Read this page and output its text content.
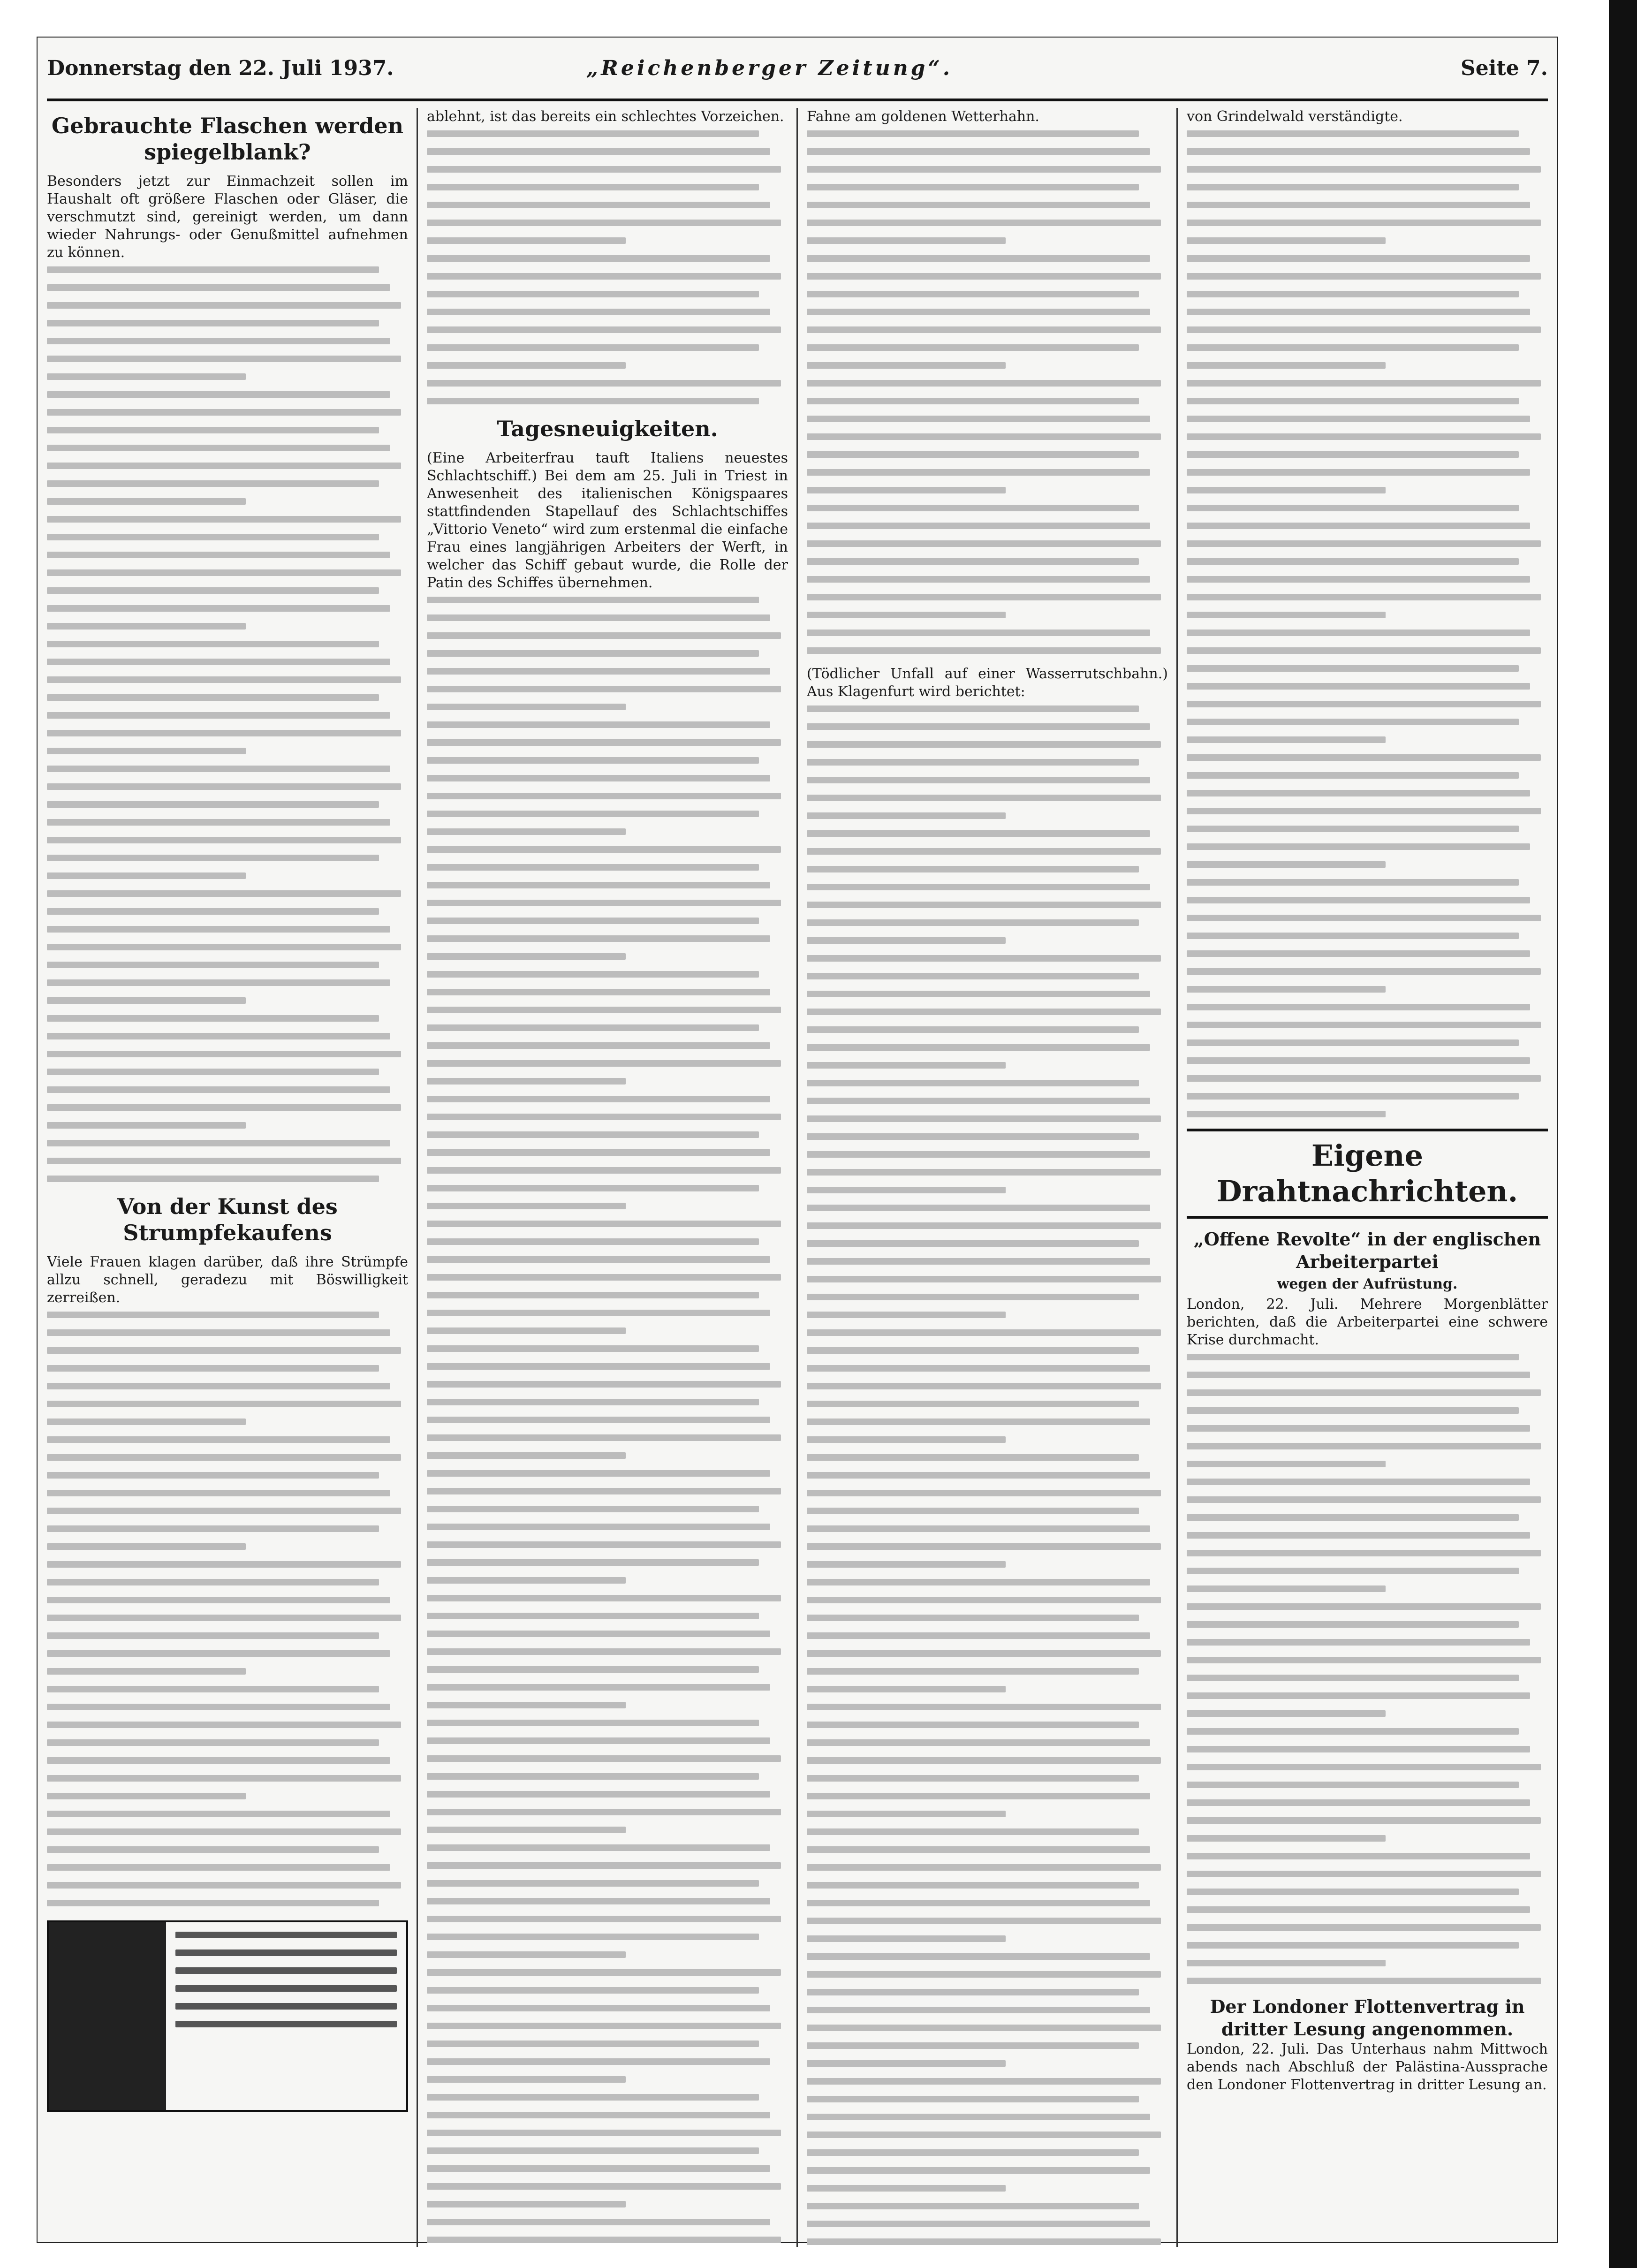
Donnerstag den 22. Juli 1937.	„Reichenberger Zeitung“.	Seite 7.
Gebrauchte Flaschen werden spiegelblank?

Besonders jetzt zur Einmachzeit sollen im Haushalt oft größere Flaschen oder Gläser, die verschmutzt sind, gereinigt werden, um dann wieder Nahrungs- oder Genußmittel aufnehmen zu können.

Von der Kunst des Strumpfekaufens

Viele Frauen klagen darüber, daß ihre Strümpfe allzu schnell, geradezu mit Böswilligkeit zerreißen.

ablehnt, ist das bereits ein schlechtes Vorzeichen.

Tagesneuigkeiten.

(Eine Arbeiterfrau tauft Italiens neuestes Schlachtschiff.) Bei dem am 25. Juli in Triest in Anwesenheit des italienischen Königspaares stattfindenden Stapellauf des Schlachtschiffes „Vittorio Veneto“ wird zum erstenmal die einfache Frau eines langjährigen Arbeiters der Werft, in welcher das Schiff gebaut wurde, die Rolle der Patin des Schiffes übernehmen.

Fahne am goldenen Wetterhahn.

(Tödlicher Unfall auf einer Wasserrutschbahn.) Aus Klagenfurt wird berichtet:

von Grindelwald verständigte.

Eigene Drahtnachrichten.
„Offene Revolte“ in der englischen Arbeiterpartei
wegen der Aufrüstung.

London, 22. Juli. Mehrere Morgenblätter berichten, daß die Arbeiterpartei eine schwere Krise durchmacht.

Der Londoner Flottenvertrag in dritter Lesung angenommen.

London, 22. Juli. Das Unterhaus nahm Mittwoch abends nach Abschluß der Palästina-Aussprache den Londoner Flottenvertrag in dritter Lesung an.
